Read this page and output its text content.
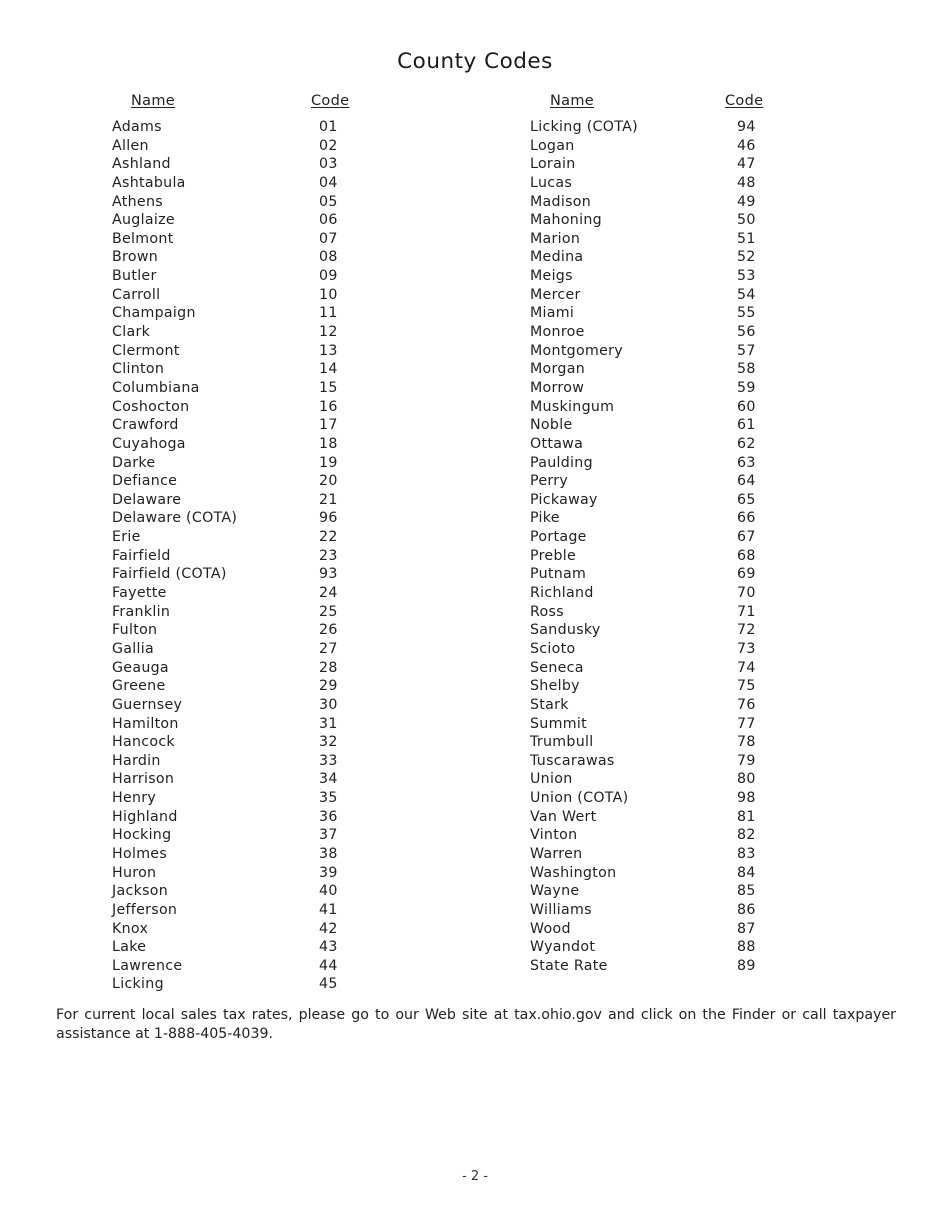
County Codes
Name	Code	Name	Code
Adams	01
Allen	02
Ashland	03
Ashtabula	04
Athens	05
Auglaize	06
Belmont	07
Brown	08
Butler	09
Carroll	10
Champaign	11
Clark	12
Clermont	13
Clinton	14
Columbiana	15
Coshocton	16
Crawford	17
Cuyahoga	18
Darke	19
Defiance	20
Delaware	21
Delaware (COTA)	96
Erie	22
Fairfield	23
Fairfield (COTA)	93
Fayette	24
Franklin	25
Fulton	26
Gallia	27
Geauga	28
Greene	29
Guernsey	30
Hamilton	31
Hancock	32
Hardin	33
Harrison	34
Henry	35
Highland	36
Hocking	37
Holmes	38
Huron	39
Jackson	40
Jefferson	41
Knox	42
Lake	43
Lawrence	44
Licking	45
Licking (COTA)	94
Logan	46
Lorain	47
Lucas	48
Madison	49
Mahoning	50
Marion	51
Medina	52
Meigs	53
Mercer	54
Miami	55
Monroe	56
Montgomery	57
Morgan	58
Morrow	59
Muskingum	60
Noble	61
Ottawa	62
Paulding	63
Perry	64
Pickaway	65
Pike	66
Portage	67
Preble	68
Putnam	69
Richland	70
Ross	71
Sandusky	72
Scioto	73
Seneca	74
Shelby	75
Stark	76
Summit	77
Trumbull	78
Tuscarawas	79
Union	80
Union (COTA)	98
Van Wert	81
Vinton	82
Warren	83
Washington	84
Wayne	85
Williams	86
Wood	87
Wyandot	88
State Rate	89
For current local sales tax rates, please go to our Web site at tax.ohio.gov and click on the Finder or call taxpayer assistance at 1-888-405-4039.
- 2 -
